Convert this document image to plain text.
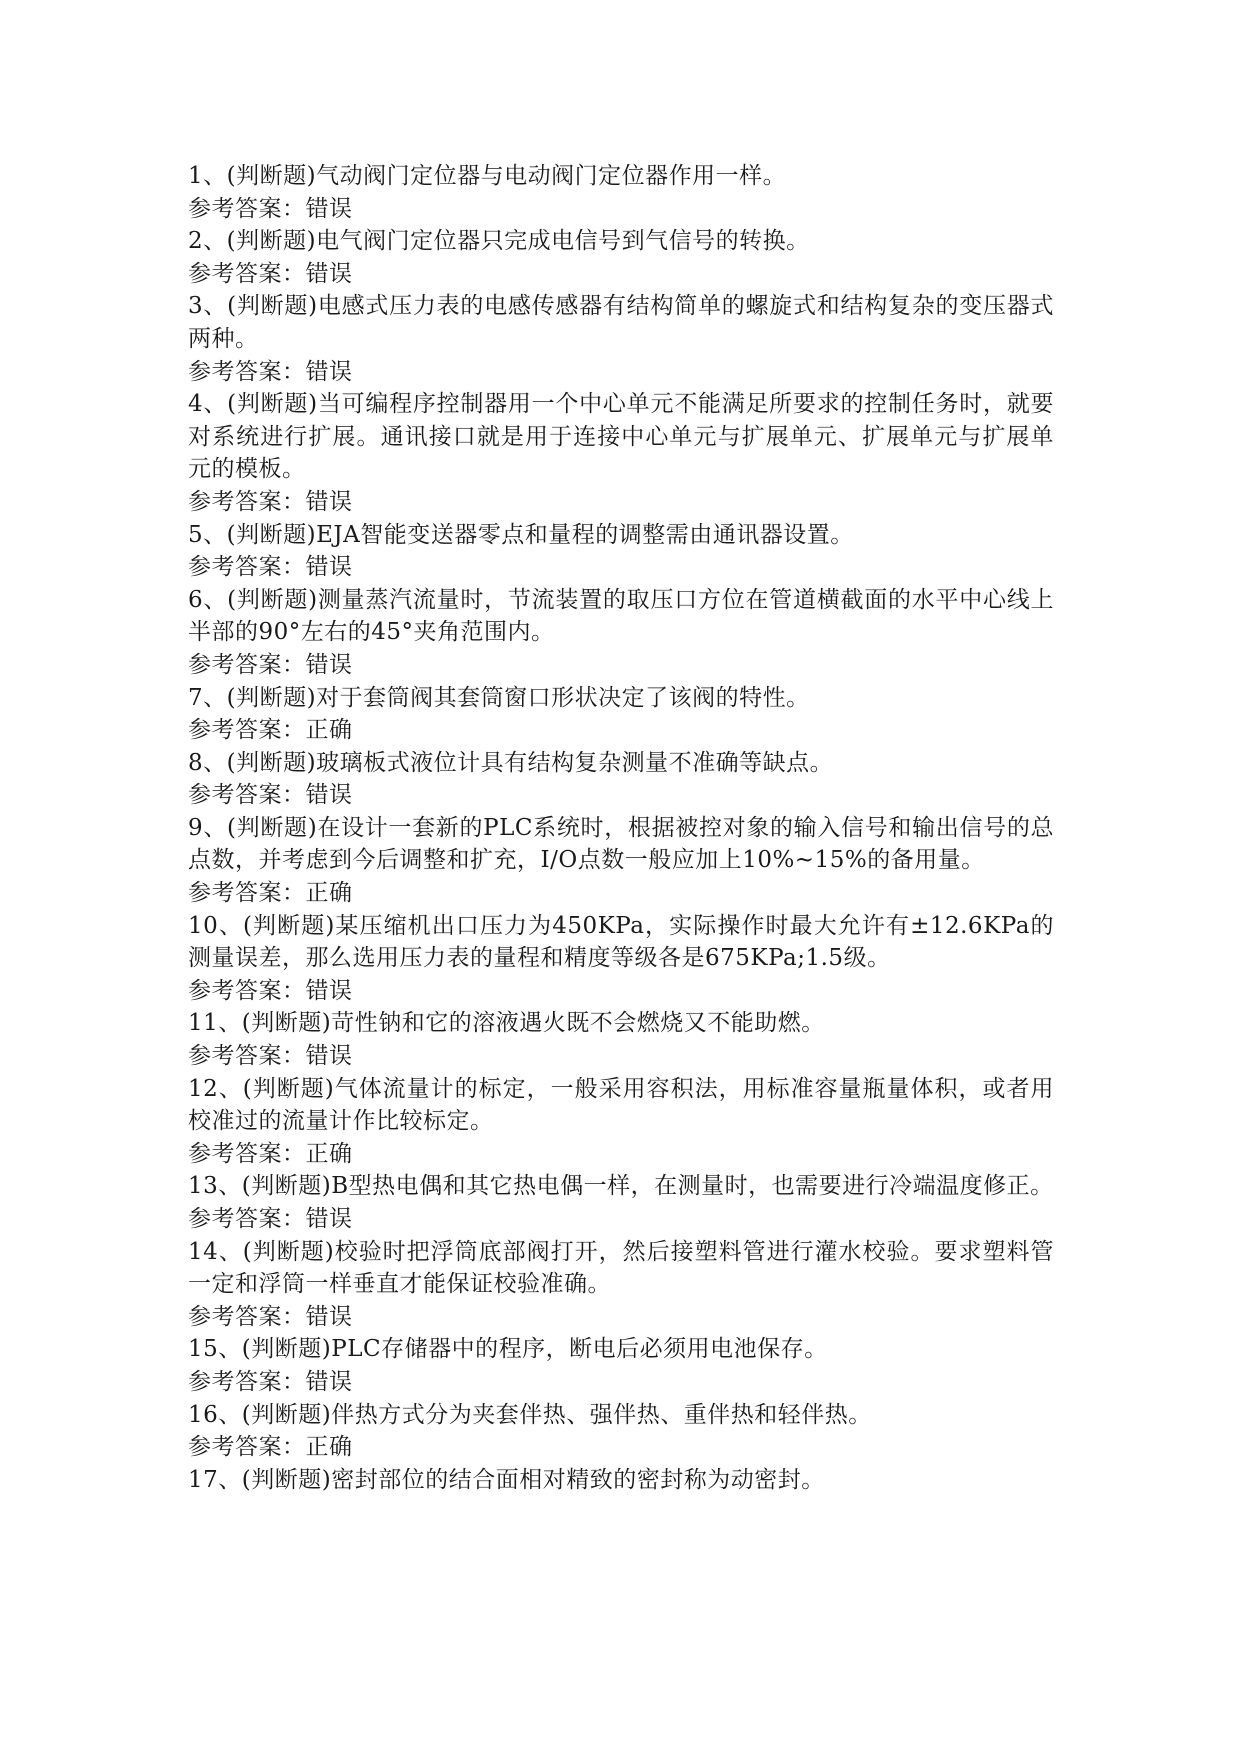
1、(判断题)气动阀门定位器与电动阀门定位器作用一样。
参考答案：错误
2、(判断题)电气阀门定位器只完成电信号到气信号的转换。
参考答案：错误
3、(判断题)电感式压力表的电感传感器有结构简单的螺旋式和结构复杂的变压器式两种。
参考答案：错误
4、(判断题)当可编程序控制器用一个中心单元不能满足所要求的控制任务时，就要对系统进行扩展。通讯接口就是用于连接中心单元与扩展单元、扩展单元与扩展单元的模板。
参考答案：错误
5、(判断题)EJA智能变送器零点和量程的调整需由通讯器设置。
参考答案：错误
6、(判断题)测量蒸汽流量时，节流装置的取压口方位在管道横截面的水平中心线上半部的90°左右的45°夹角范围内。
参考答案：错误
7、(判断题)对于套筒阀其套筒窗口形状决定了该阀的特性。
参考答案：正确
8、(判断题)玻璃板式液位计具有结构复杂测量不准确等缺点。
参考答案：错误
9、(判断题)在设计一套新的PLC系统时，根据被控对象的输入信号和输出信号的总点数，并考虑到今后调整和扩充，I/O点数一般应加上10%~15%的备用量。
参考答案：正确
10、(判断题)某压缩机出口压力为450KPa，实际操作时最大允许有±12.6KPa的测量误差，那么选用压力表的量程和精度等级各是675KPa;1.5级。
参考答案：错误
11、(判断题)苛性钠和它的溶液遇火既不会燃烧又不能助燃。
参考答案：错误
12、(判断题)气体流量计的标定，一般采用容积法，用标准容量瓶量体积，或者用校准过的流量计作比较标定。
参考答案：正确
13、(判断题)B型热电偶和其它热电偶一样，在测量时，也需要进行冷端温度修正。
参考答案：错误
14、(判断题)校验时把浮筒底部阀打开，然后接塑料管进行灌水校验。要求塑料管一定和浮筒一样垂直才能保证校验准确。
参考答案：错误
15、(判断题)PLC存储器中的程序，断电后必须用电池保存。
参考答案：错误
16、(判断题)伴热方式分为夹套伴热、强伴热、重伴热和轻伴热。
参考答案：正确
17、(判断题)密封部位的结合面相对精致的密封称为动密封。
